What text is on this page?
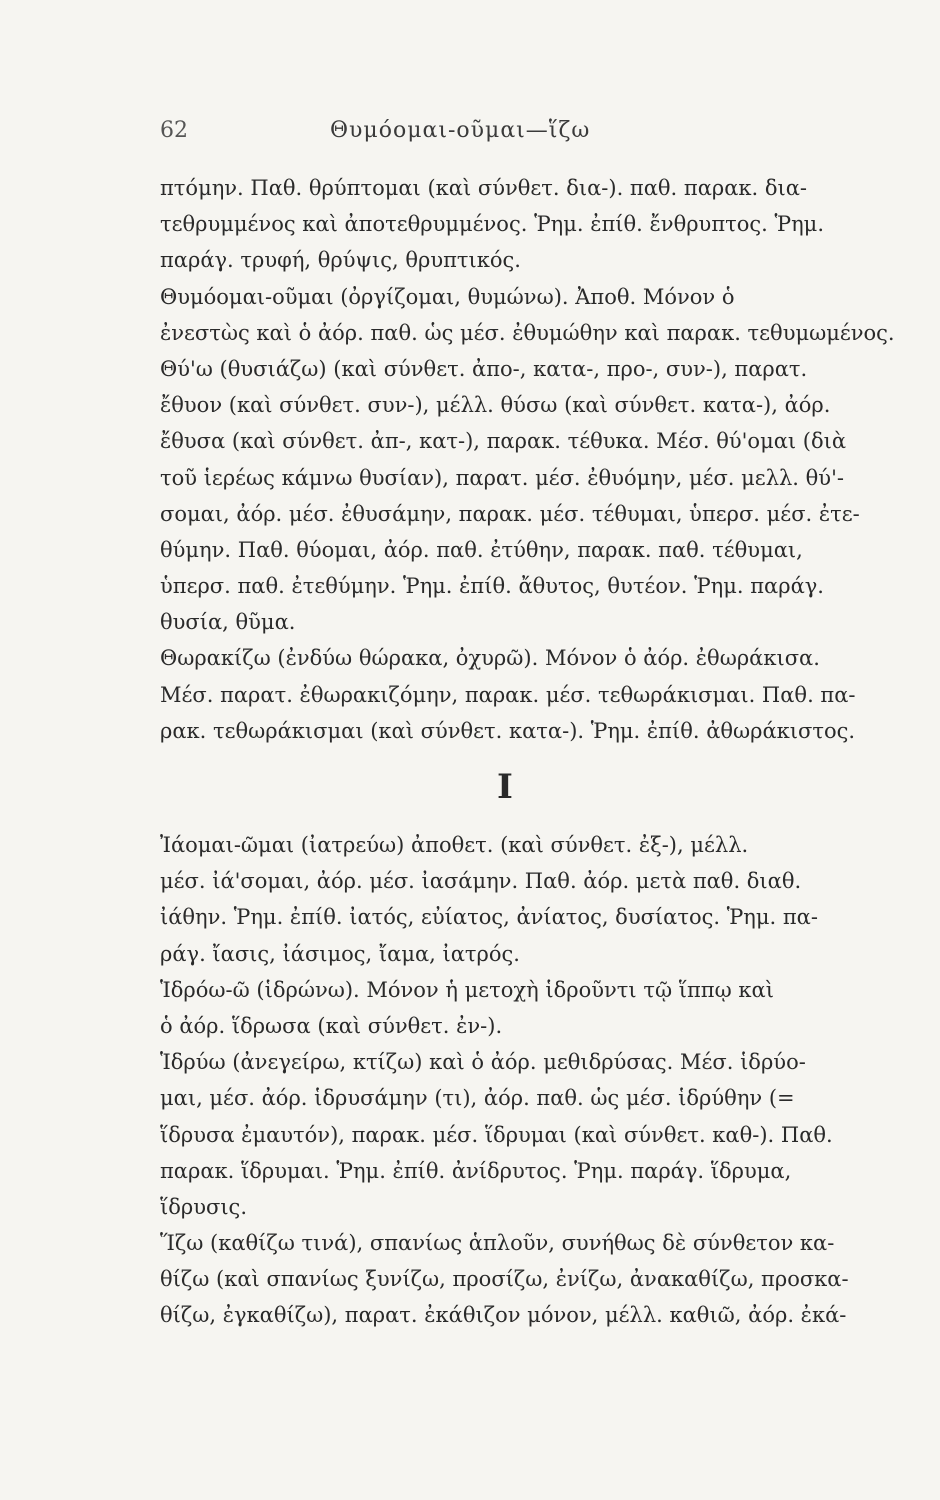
62	Θυμόομαι-οῦμαι—ἵζω
πτόμην. Παθ. θρύπτομαι (καὶ σύνθετ. δια-). παθ. παρακ. δια-
τεθρυμμένος καὶ ἀποτεθρυμμένος. Ῥημ. ἐπίθ. ἔνθρυπτος. Ῥημ.
παράγ. τρυφή, θρύψις, θρυπτικός.
Θυμόομαι-οῦμαι (ὀργίζομαι, θυμώνω). Ἀποθ. Μόνον ὁ
ἐνεστὼς καὶ ὁ ἀόρ. παθ. ὡς μέσ. ἐθυμώθην καὶ παρακ. τεθυμωμένος.
Θύ'ω (θυσιάζω) (καὶ σύνθετ. ἀπο-, κατα-, προ-, συν-), παρατ.
ἔθυον (καὶ σύνθετ. συν-), μέλλ. θύσω (καὶ σύνθετ. κατα-), ἀόρ.
ἔθυσα (καὶ σύνθετ. ἀπ-, κατ-), παρακ. τέθυκα. Μέσ. θύ'ομαι (διὰ
τοῦ ἱερέως κάμνω θυσίαν), παρατ. μέσ. ἐθυόμην, μέσ. μελλ. θύ'-
σομαι, ἀόρ. μέσ. ἐθυσάμην, παρακ. μέσ. τέθυμαι, ὑπερσ. μέσ. ἐτε-
θύμην. Παθ. θύομαι, ἀόρ. παθ. ἐτύθην, παρακ. παθ. τέθυμαι,
ὑπερσ. παθ. ἐτεθύμην. Ῥημ. ἐπίθ. ἄθυτος, θυτέον. Ῥημ. παράγ.
θυσία, θῦμα.
Θωρακίζω (ἐνδύω θώρακα, ὀχυρῶ). Μόνον ὁ ἀόρ. ἐθωράκισα.
Μέσ. παρατ. ἐθωρακιζόμην, παρακ. μέσ. τεθωράκισμαι. Παθ. πα-
ρακ. τεθωράκισμαι (καὶ σύνθετ. κατα-). Ῥημ. ἐπίθ. ἀθωράκιστος.
Ι
Ἰάομαι-ῶμαι (ἰατρεύω) ἀποθετ. (καὶ σύνθετ. ἐξ-), μέλλ.
μέσ. ἰά'σομαι, ἀόρ. μέσ. ἰασάμην. Παθ. ἀόρ. μετὰ παθ. διαθ.
ἰάθην. Ῥημ. ἐπίθ. ἰατός, εὐίατος, ἀνίατος, δυσίατος. Ῥημ. πα-
ράγ. ἴασις, ἰάσιμος, ἴαμα, ἰατρός.
Ἱδρόω-ῶ (ἱδρώνω). Μόνον ἡ μετοχὴ ἱδροῦντι τῷ ἵππῳ καὶ
ὁ ἀόρ. ἵδρωσα (καὶ σύνθετ. ἐν-).
Ἱδρύω (ἀνεγείρω, κτίζω) καὶ ὁ ἀόρ. μεθιδρύσας. Μέσ. ἱδρύο-
μαι, μέσ. ἀόρ. ἱδρυσάμην (τι), ἀόρ. παθ. ὡς μέσ. ἱδρύθην (=
ἵδρυσα ἐμαυτόν), παρακ. μέσ. ἵδρυμαι (καὶ σύνθετ. καθ-). Παθ.
παρακ. ἵδρυμαι. Ῥημ. ἐπίθ. ἀνίδρυτος. Ῥημ. παράγ. ἵδρυμα,
ἵδρυσις.
Ἵζω (καθίζω τινά), σπανίως ἁπλοῦν, συνήθως δὲ σύνθετον κα-
θίζω (καὶ σπανίως ξυνίζω, προσίζω, ἐνίζω, ἀνακαθίζω, προσκα-
θίζω, ἐγκαθίζω), παρατ. ἐκάθιζον μόνον, μέλλ. καθιῶ, ἀόρ. ἐκά-
